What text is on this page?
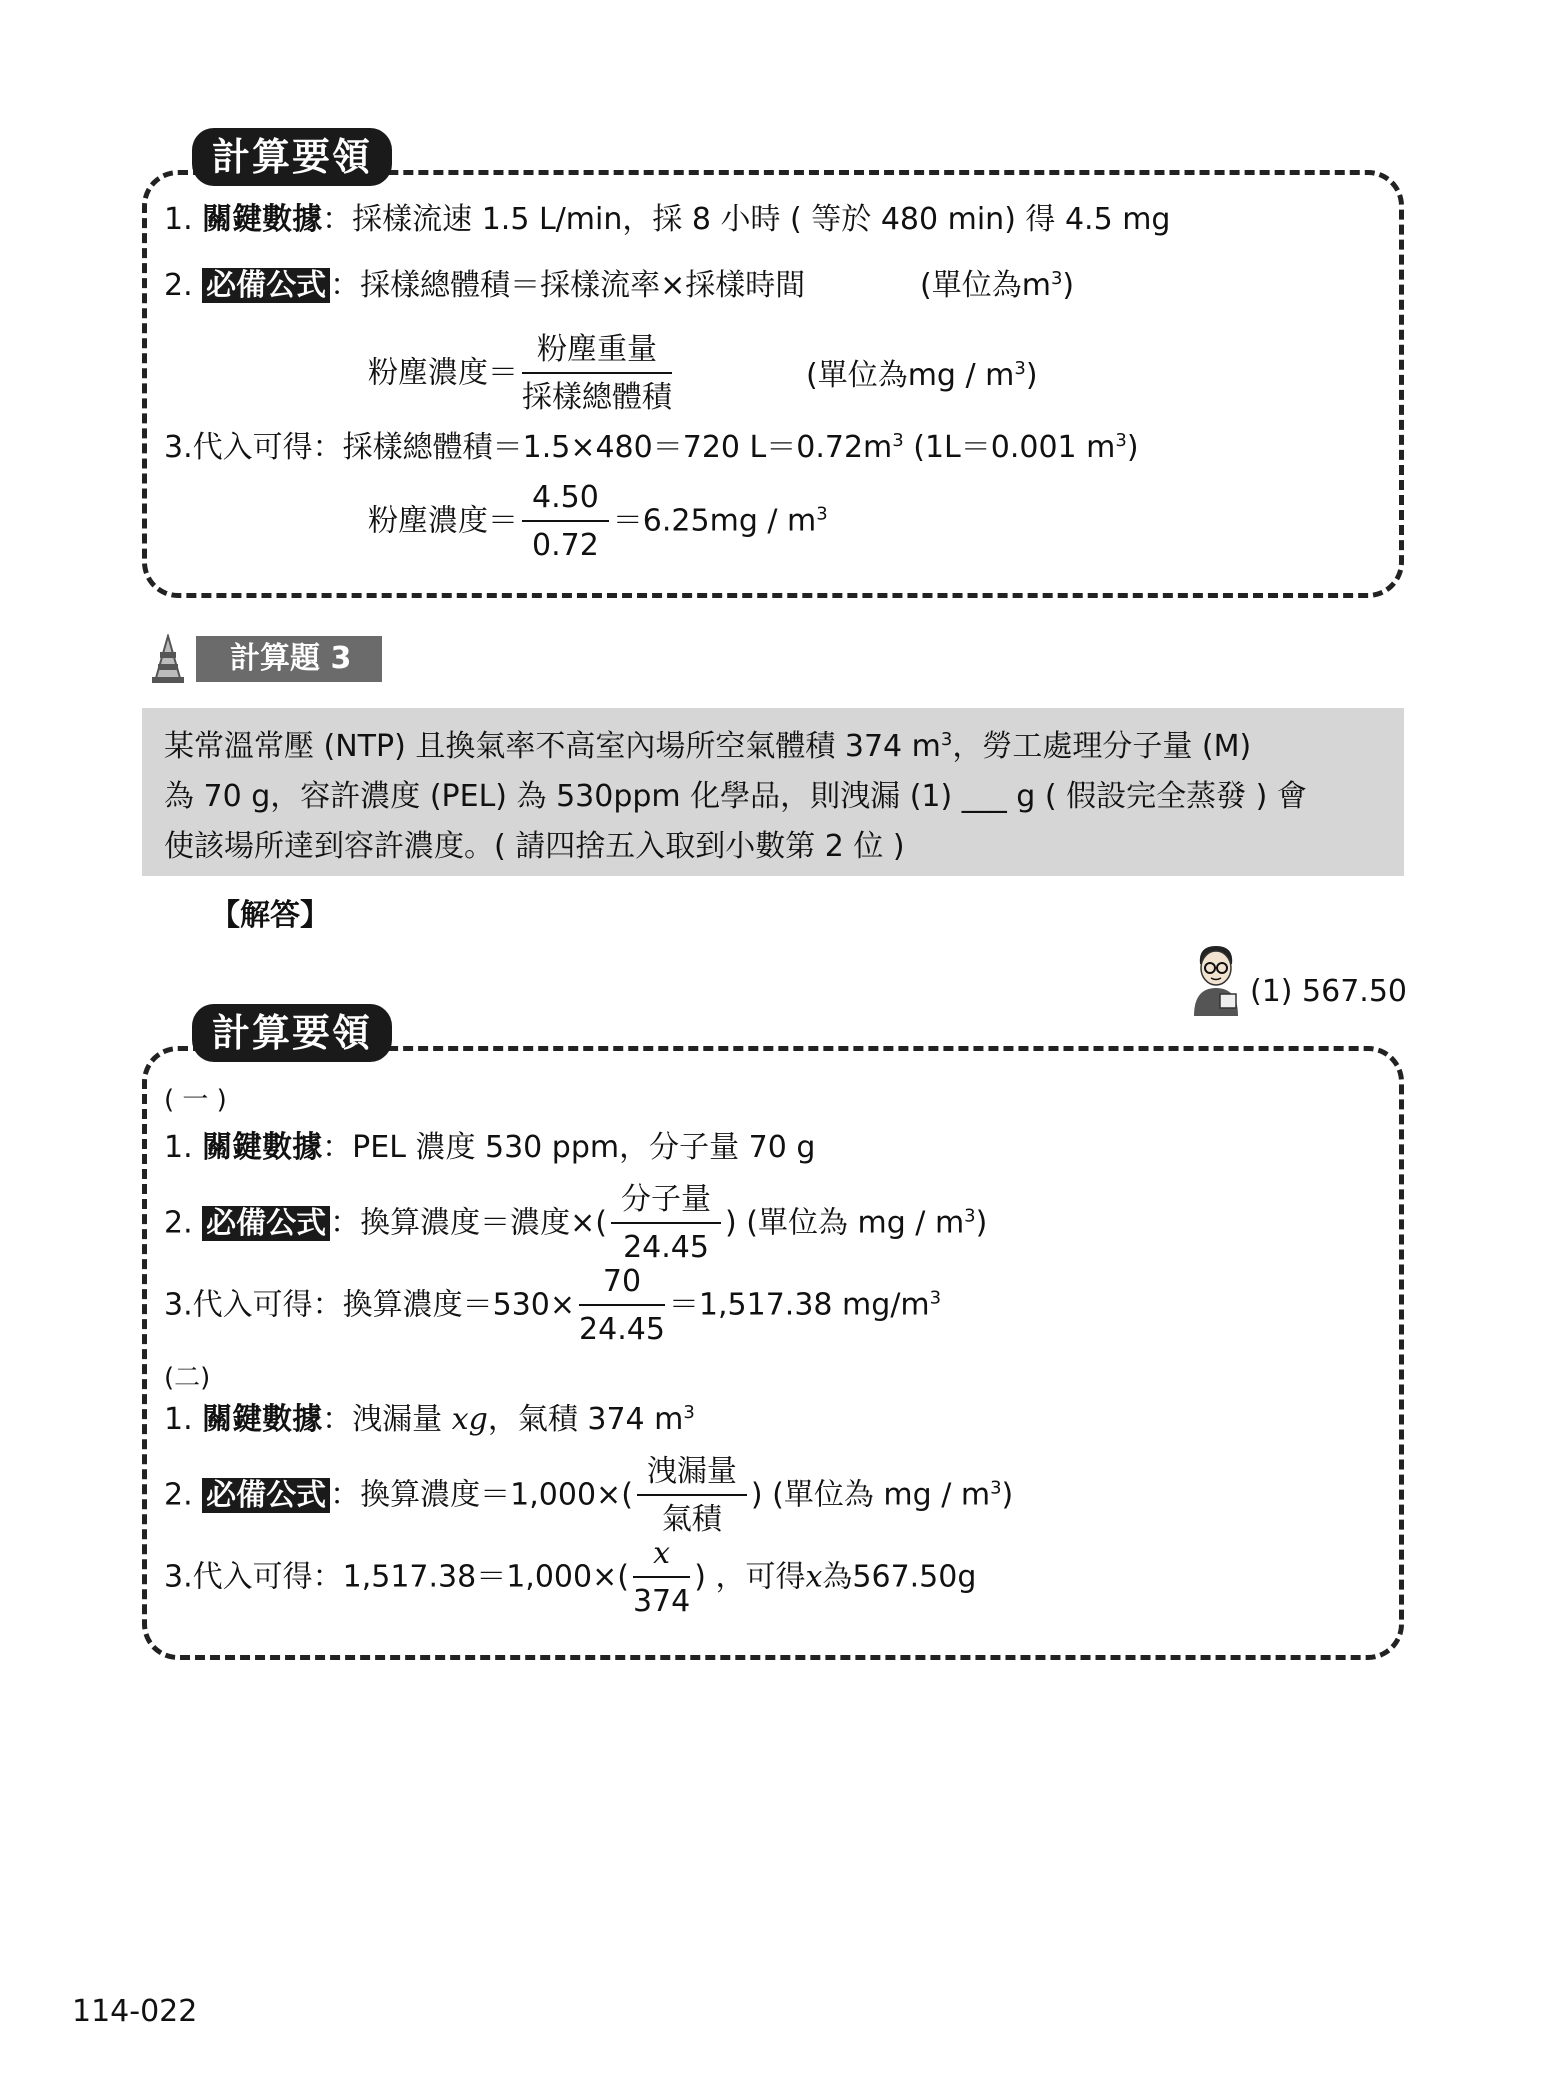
計算要領
1. 關鍵數據：採樣流速 1.5 L/min，採 8 小時 ( 等於 480 min) 得 4.5 mg
2. 必備公式 ：採樣總體積＝採樣流率×採樣時間	(單位為$m^3$)
粉塵濃度＝ $\frac{\text{粉塵重量}}{\text{採樣總體積}}$	(單位為mg / $m^3$)
3.代入可得：採樣總體積＝1.5×480＝720 $L=0.72m^3$ (1L＝0.001 $m^3$)
粉塵濃度＝ $\frac{4.50}{0.72} =6.25mg / m^3$
計算題 3
某常溫常壓 (NTP) 且換氣率不高室內場所空氣體積 374 $m^3$，勞工處理分子量 (M)
為 70 g，容許濃度 (PEL) 為 530ppm 化學品，則洩漏 (1) ___ g ( 假設完全蒸發 ) 會
使該場所達到容許濃度。( 請四捨五入取到小數第 2 位 )
【解答】
(1) 567.50
計算要領
( 一 )
1. 關鍵數據：PEL 濃度 530 ppm，分子量 70 g
2. 必備公式 ：換算濃度＝濃度×( $\frac{\text{分子量}}{24.45}$ ) (單位為 mg / $m^3$)
3.代入可得：換算濃度$=530\times \frac{70}{24.45} =1,517.38$ $mg/m^3$
(二)
1. 關鍵數據：洩漏量 xg，氣積 374 $m^3$
2. 必備公式 ：換算濃度$=1,000\times( \frac{\text{洩漏量}}{\text{氣積}}$ ) (單位為 mg / $m^3$)
3.代入可得：$1,517.38=1,000\times( \frac{x}{374}$ ) ，可得x為567.50g
114-022
